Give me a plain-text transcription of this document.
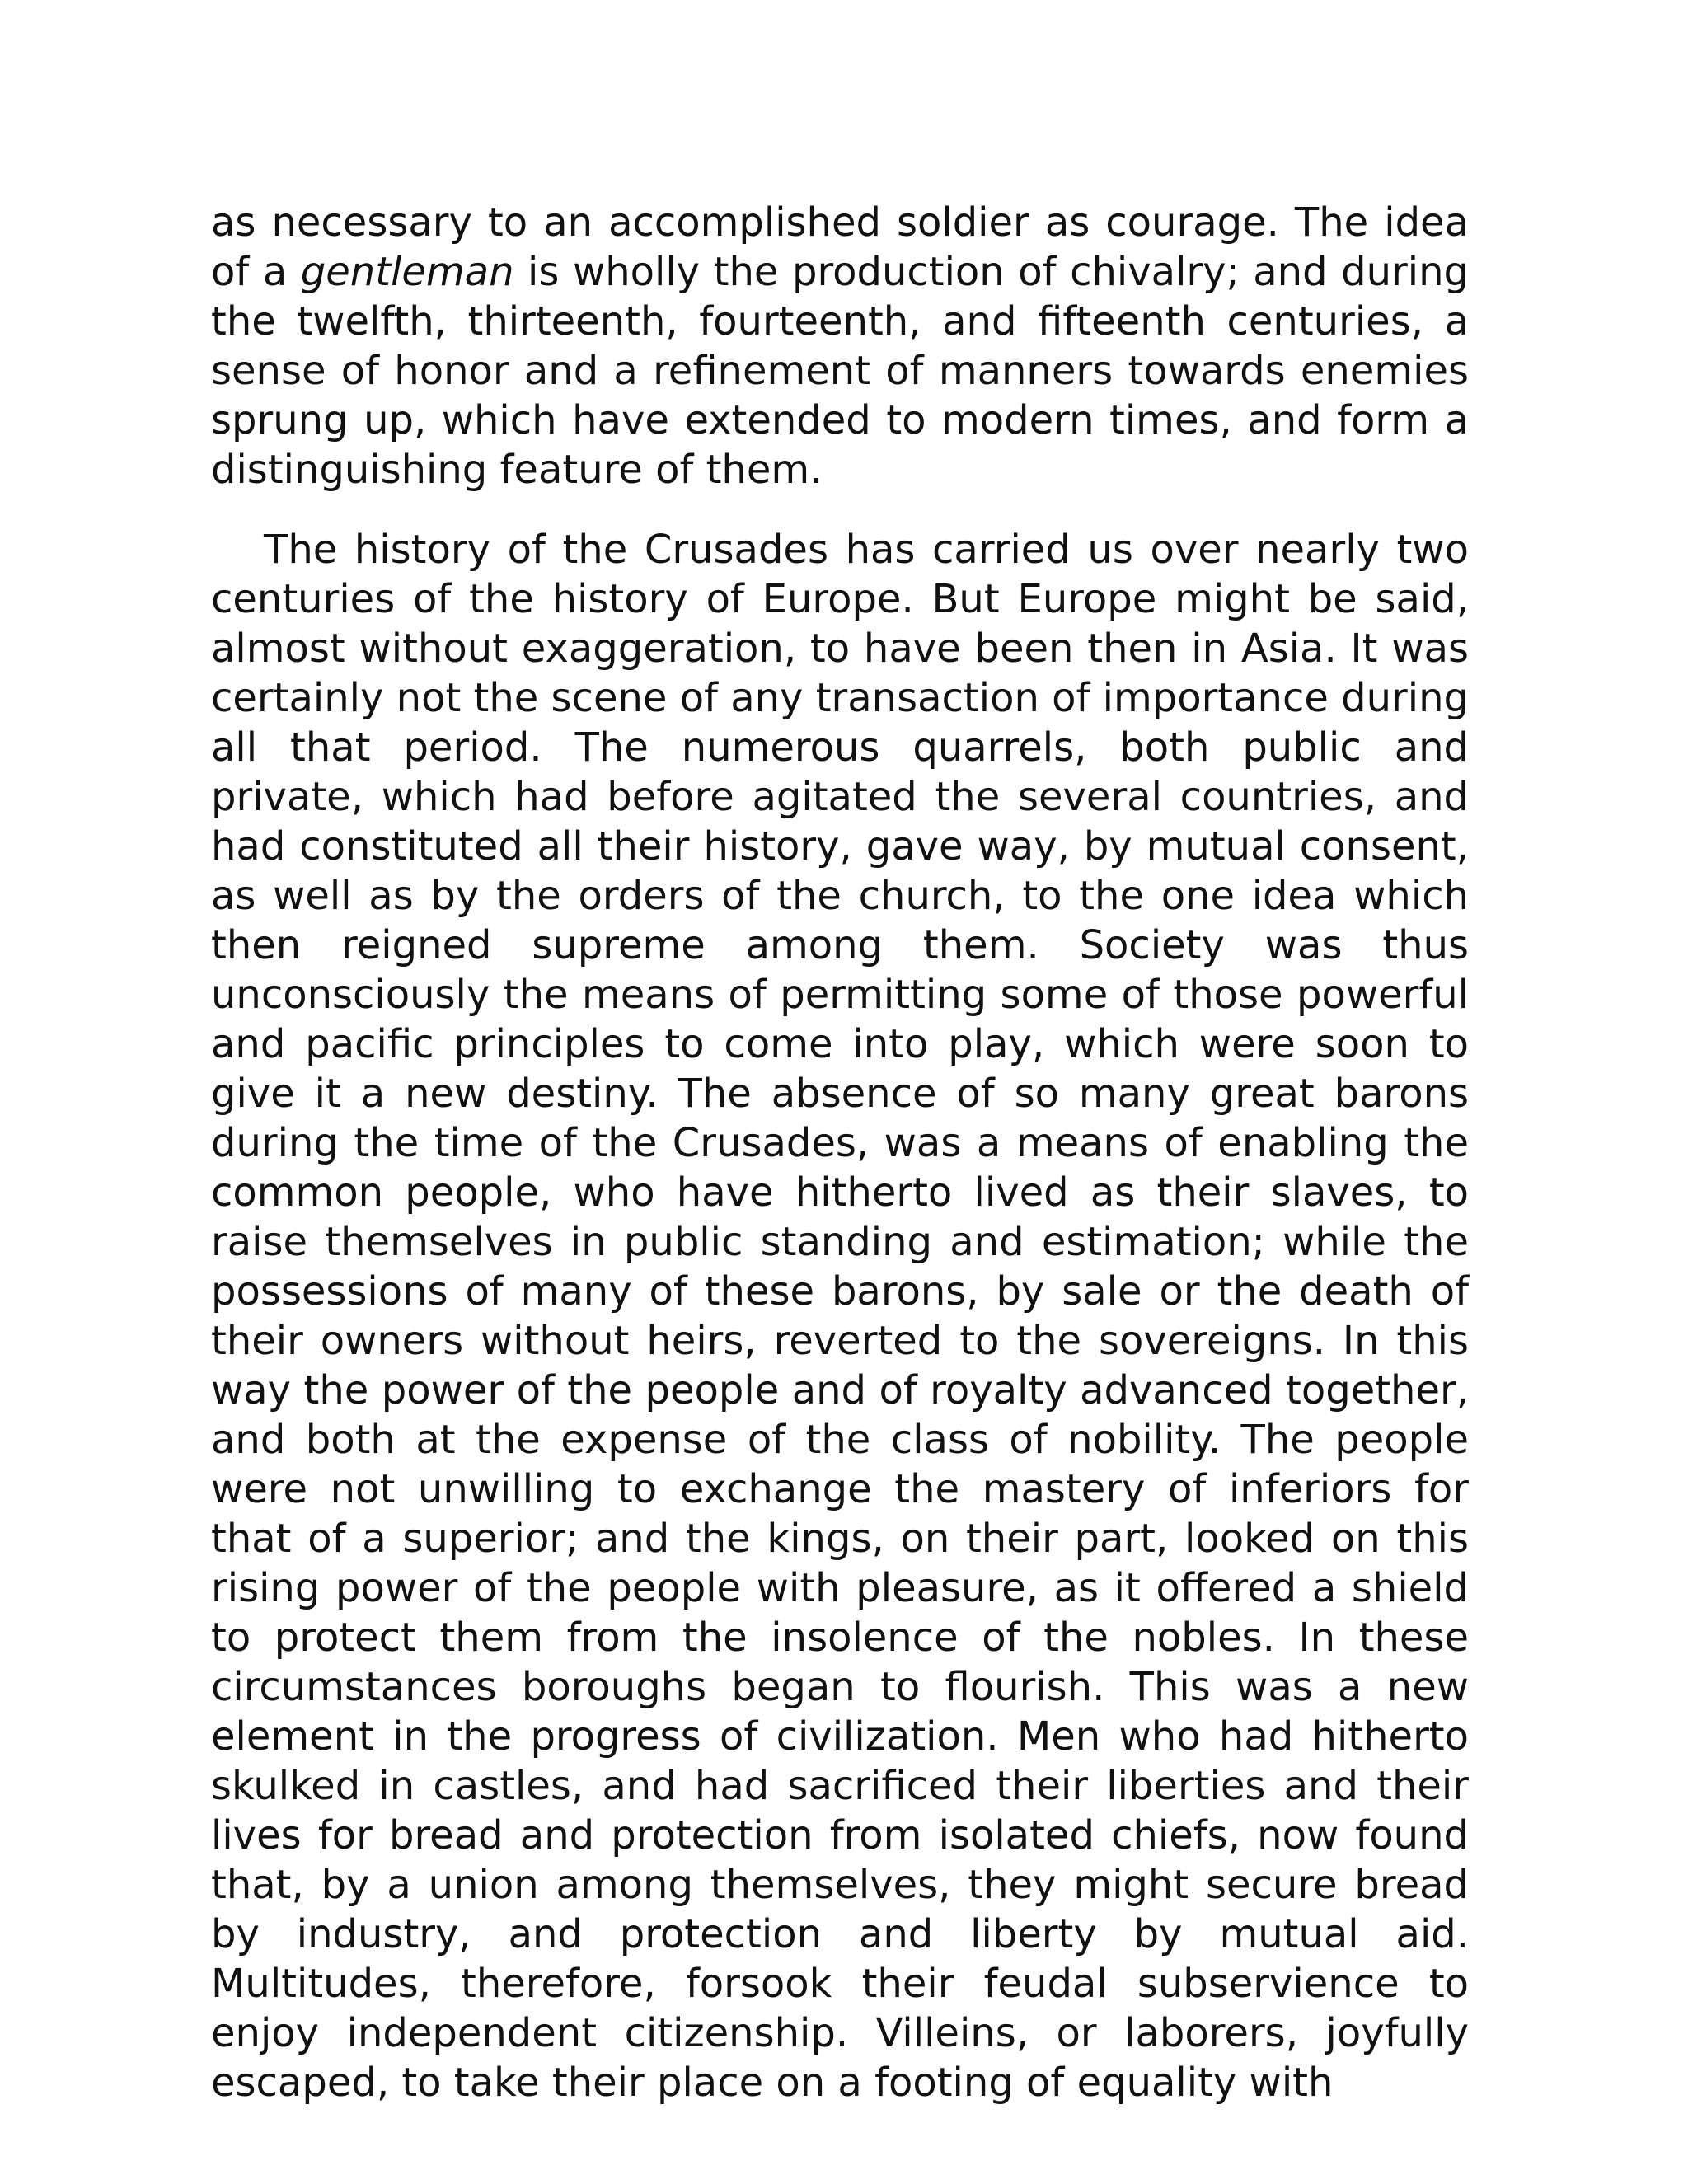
as necessary to an accomplished soldier as courage. The idea of a gentleman is wholly the production of chivalry; and during the twelfth, thirteenth, fourteenth, and fifteenth centuries, a sense of honor and a refinement of manners towards enemies sprung up, which have extended to modern times, and form a distinguishing feature of them.

The history of the Crusades has carried us over nearly two centuries of the history of Europe. But Europe might be said, almost without exaggeration, to have been then in Asia. It was certainly not the scene of any transaction of importance during all that period. The numerous quarrels, both public and private, which had before agitated the several countries, and had constituted all their history, gave way, by mutual consent, as well as by the orders of the church, to the one idea which then reigned supreme among them. Society was thus unconsciously the means of permitting some of those powerful and pacific principles to come into play, which were soon to give it a new destiny. The absence of so many great barons during the time of the Crusades, was a means of enabling the common people, who have hitherto lived as their slaves, to raise themselves in public standing and estimation; while the possessions of many of these barons, by sale or the death of their owners without heirs, reverted to the sovereigns. In this way the power of the people and of royalty advanced together, and both at the expense of the class of nobility. The people were not unwilling to exchange the mastery of inferiors for that of a superior; and the kings, on their part, looked on this rising power of the people with pleasure, as it offered a shield to protect them from the insolence of the nobles. In these circumstances boroughs began to flourish. This was a new element in the progress of civilization. Men who had hitherto skulked in castles, and had sacrificed their liberties and their lives for bread and protection from isolated chiefs, now found that, by a union among themselves, they might secure bread by industry, and protection and liberty by mutual aid. Multitudes, therefore, forsook their feudal subservience to enjoy independent citizenship. Villeins, or laborers, joyfully escaped, to take their place on a footing of equality with
